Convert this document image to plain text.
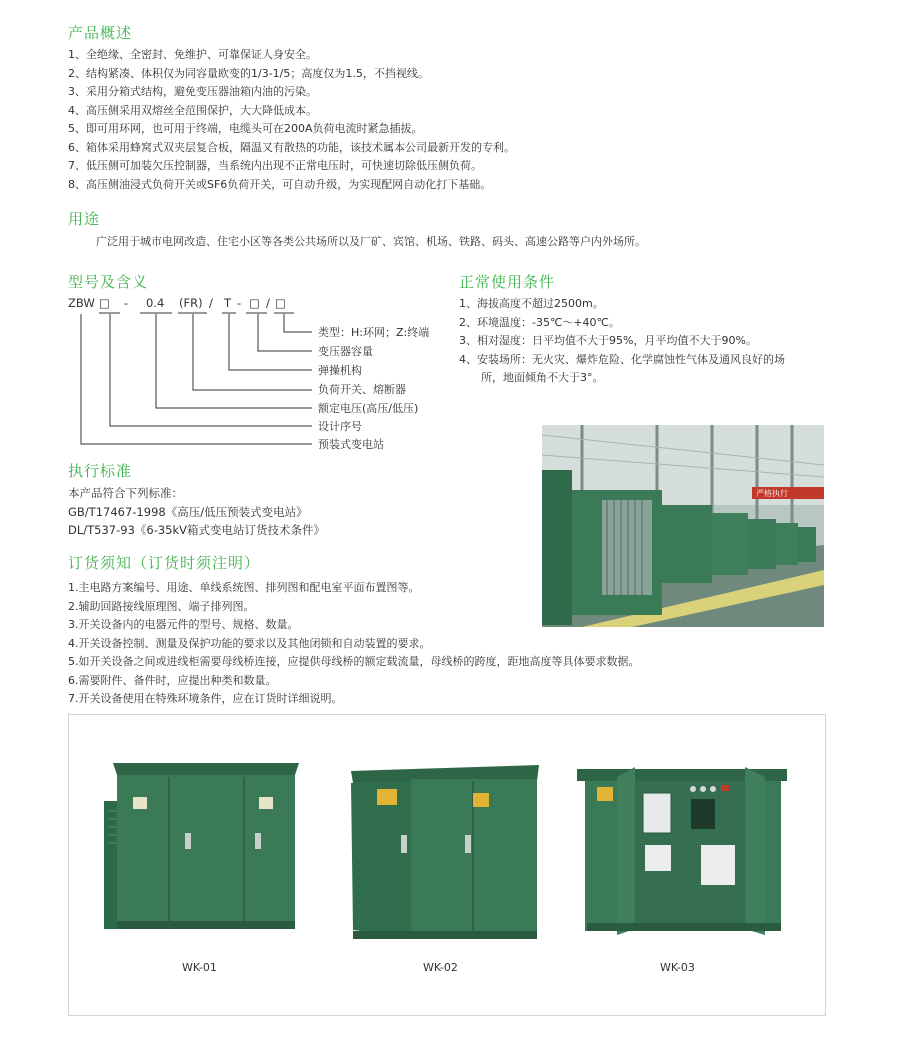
产品概述
1、全绝缘、全密封、免维护、可靠保证人身安全。
2、结构紧凑、体积仅为同容量欧变的1/3-1/5；高度仅为1.5，不挡视线。
3、采用分箱式结构，避免变压器油箱内油的污染。
4、高压侧采用双熔丝全范围保护，大大降低成本。
5、即可用环网，也可用于终端，电缆头可在200A负荷电流时紧急插拔。
6、箱体采用蜂窝式双夹层复合板，隔温又有散热的功能，该技术属本公司最新开发的专利。
7、低压侧可加装欠压控制器，当系统内出现不正常电压时，可快速切除低压侧负荷。
8、高压侧油浸式负荷开关或SF6负荷开关，可自动升级，为实现配网自动化打下基础。
用途
广泛用于城市电网改造、住宅小区等各类公共场所以及厂矿、宾馆、机场、铁路、码头、高速公路等户内外场所。
型号及含义
ZBW □ - 0.4 (FR) / T - □ / □
类型：H:环网；Z:终端
变压器容量
弹操机构
负荷开关、熔断器
额定电压(高压/低压)
设计序号
预装式变电站
正常使用条件
1、海拔高度不超过2500m。
2、环境温度：-35℃～+40℃。
3、相对湿度：日平均值不大于95%，月平均值不大于90%。
4、安装场所：无火灾、爆炸危险、化学腐蚀性气体及通风良好的场
所，地面倾角不大于3°。
严格执行
执行标准
本产品符合下列标准：
GB/T17467-1998《高压/低压预装式变电站》
DL/T537-93《6-35kV箱式变电站订货技术条件》
订货须知（订货时须注明）
1.主电路方案编号、用途、单线系统图、排列图和配电室平面布置图等。
2.辅助回路接线原理图、端子排列图。
3.开关设备内的电器元件的型号、规格、数量。
4.开关设备控制、测量及保护功能的要求以及其他闭锁和自动装置的要求。
5.如开关设备之间或进线柜需要母线桥连接，应提供母线桥的额定载流量，母线桥的跨度，距地高度等具体要求数据。
6.需要附件、备件时，应提出种类和数量。
7.开关设备使用在特殊环境条件，应在订货时详细说明。
WK-01	WK-02	WK-03
